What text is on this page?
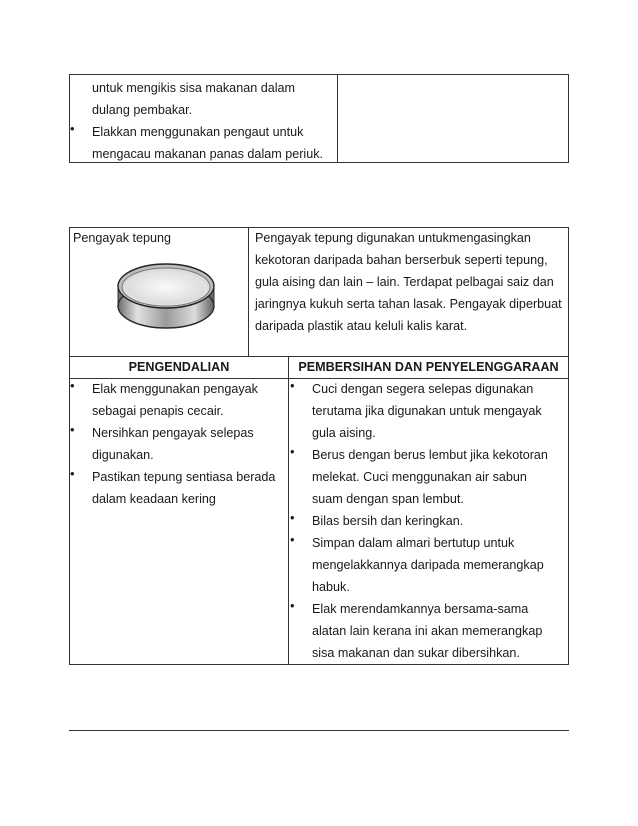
untuk mengikis sisa makanan dalam
dulang pembakar.
• Elakkan menggunakan pengaut untuk
mengacau makanan panas dalam periuk.
Pengayak tepung	Pengayak tepung digunakan untukmengasingkan
kekotoran daripada bahan berserbuk seperti tepung,
gula aising dan lain – lain. Terdapat pelbagai saiz dan
jaringnya kukuh serta tahan lasak. Pengayak diperbuat
daripada plastik atau keluli kalis karat.
PENGENDALIAN	PEMBERSIHAN DAN PENYELENGGARAAN
• Elak menggunakan pengayak
sebagai penapis cecair.
• Nersihkan pengayak selepas
digunakan.
• Pastikan tepung sentiasa berada
dalam keadaan kering
• Cuci dengan segera selepas digunakan
terutama jika digunakan untuk mengayak
gula aising.
• Berus dengan berus lembut jika kekotoran
melekat. Cuci menggunakan air sabun
suam dengan span lembut.
• Bilas bersih dan keringkan.
• Simpan dalam almari bertutup untuk
mengelakkannya daripada memerangkap
habuk.
• Elak merendamkannya bersama-sama
alatan lain kerana ini akan memerangkap
sisa makanan dan sukar dibersihkan.
